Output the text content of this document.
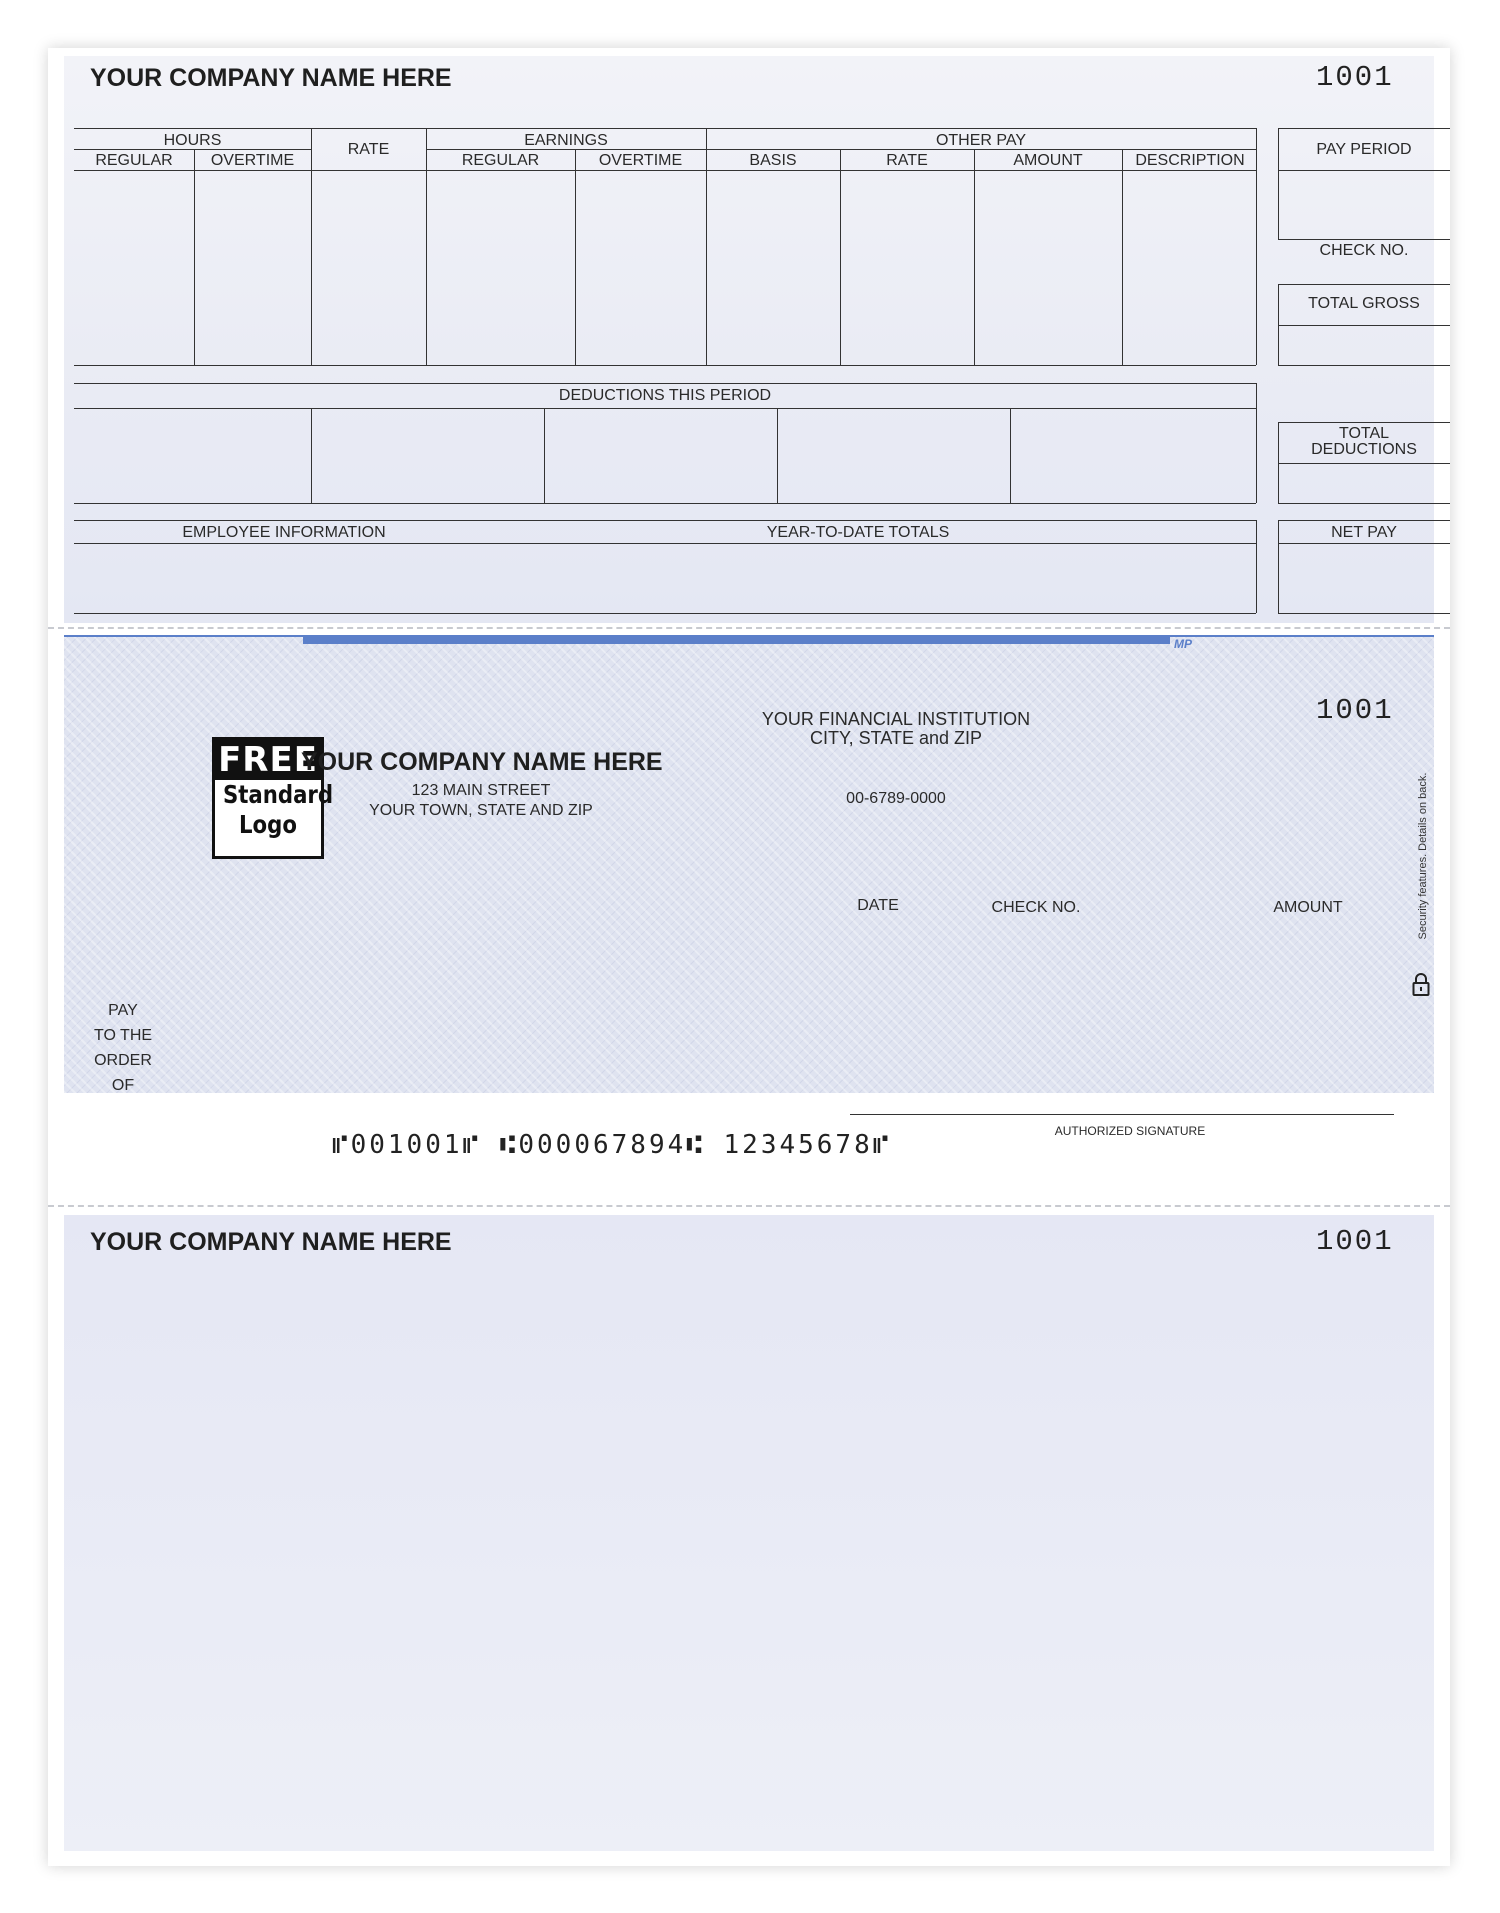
YOUR COMPANY NAME HERE	1001
HOURS
REGULAR	OVERTIME
RATE
EARNINGS
REGULAR	OVERTIME
OTHER PAY
BASIS	RATE	AMOUNT	DESCRIPTION
PAY PERIOD
CHECK NO.
TOTAL GROSS
DEDUCTIONS THIS PERIOD
TOTAL
DEDUCTIONS
EMPLOYEE INFORMATION	YEAR-TO-DATE TOTALS	NET PAY
MP
FREE
Standard
Logo
YOUR COMPANY NAME HERE
123 MAIN STREET
YOUR TOWN, STATE AND ZIP
YOUR FINANCIAL INSTITUTION
CITY, STATE and ZIP
00-6789-0000
1001
DATE	CHECK NO.	AMOUNT
PAY
TO THE
ORDER
OF
AUTHORIZED SIGNATURE
Security features. Details on back.
⑈001001⑈ ⑆000067894⑆ 12345678⑈
YOUR COMPANY NAME HERE	1001
